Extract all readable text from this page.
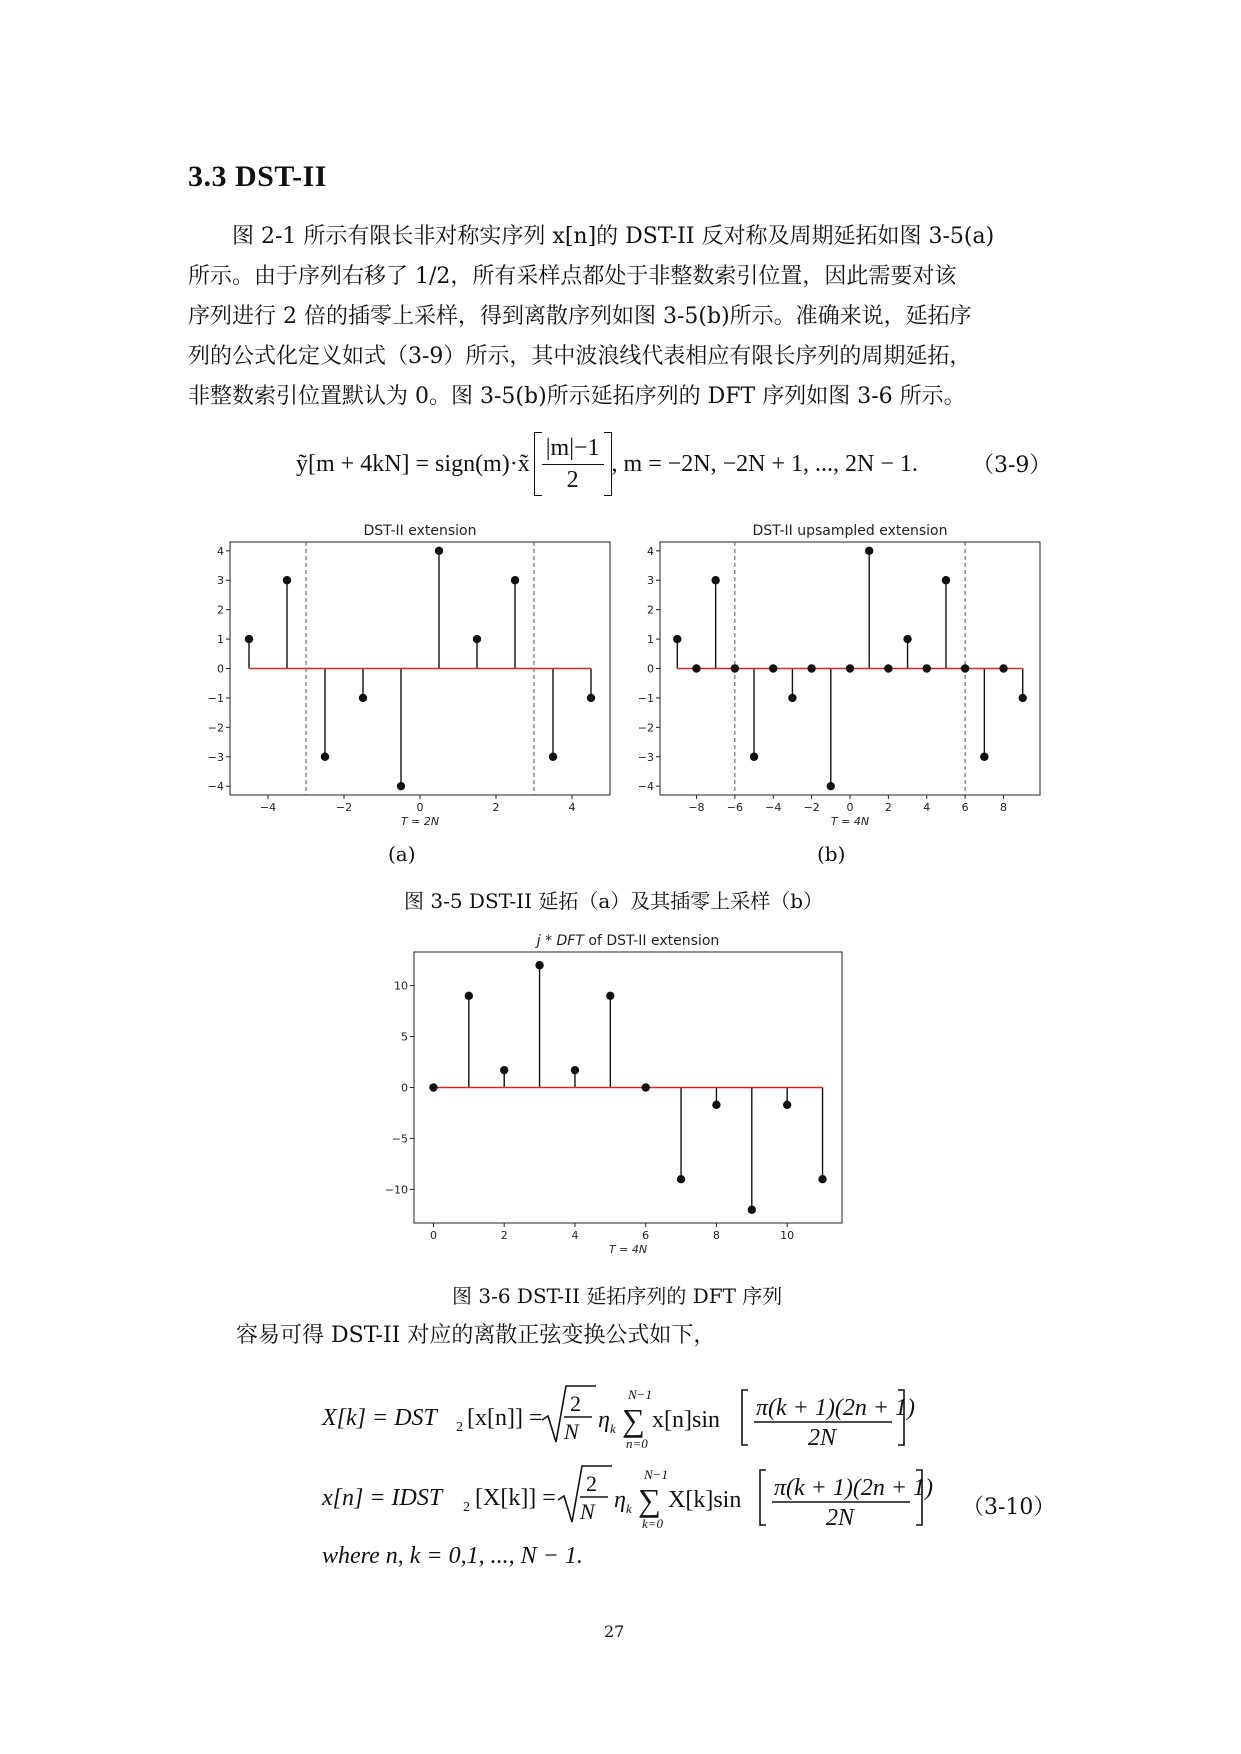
3.3 DST-II

图 2-1 所示有限长非对称实序列 x[n]的 DST-II 反对称及周期延拓如图 3-5(a)

所示。由于序列右移了 1/2，所有采样点都处于非整数索引位置，因此需要对该

序列进行 2 倍的插零上采样，得到离散序列如图 3-5(b)所示。准确来说，延拓序

列的公式化定义如式（3-9）所示，其中波浪线代表相应有限长序列的周期延拓，

非整数索引位置默认为 0。图 3-5(b)所示延拓序列的 DFT 序列如图 3-6 所示。

ỹ[m + 4kN] = sign(m)·x̃ $\frac{|m|-1}{2}$ , m = −2N, −2N + 1, ..., 2N − 1. （3-9）
DST-II extension
−4	−2	0	2	4
−4
−3
−2
−1
0
1
2
3
4
T = 2N
DST-II upsampled extension
−8 −6 −4 −2 0	2	4	6	8
−4
−3
−2
−1
0
1
2
3
4
T = 4N
(a)	(b)
图 3-5 DST-II 延拓（a）及其插零上采样（b）
j * DFT of DST-II extension
0	2	4	6	8	10
−10
−5
0
5
10
T = 4N
图 3-6 DST-II 延拓序列的 DFT 序列
容易可得 DST-II 对应的离散正弦变换公式如下，
X[k] = DST 2 [x[n]] =
2
N η k
N−1
∑
n=0
x[n]sin π(k + 1)(2n + 1)
2N
x[n] = IDST 2 [X[k]] =
2
N η k
N−1
∑
k=0
X[k]sin π(k + 1)(2n + 1)
2N
where n, k = 0,1, ..., N − 1.
（3-10）
27
